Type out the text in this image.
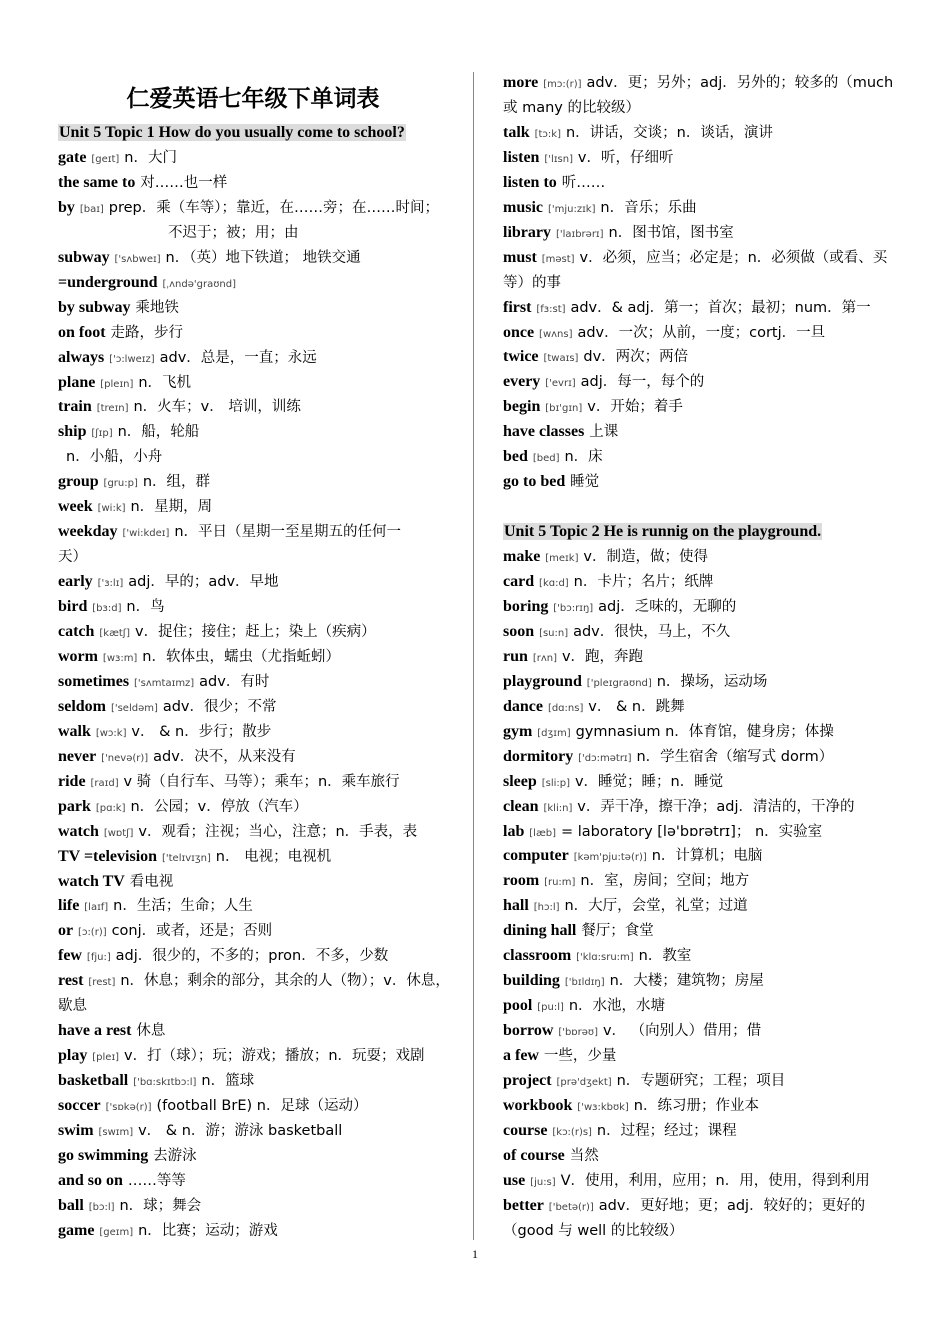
仁爱英语七年级下单词表
Unit 5 Topic 1 How do you usually come to school?
gate [geɪt] n．大门
the same to 对……也一样
by [baɪ] prep．乘（车等）；靠近，在……旁；在……时间；
不迟于；被；用；由
subway ['sʌbweɪ] n．（英）地下铁道； 地铁交通
=underground [ˌʌndə'graʊnd]
by subway 乘地铁
on foot 走路，步行
always ['ɔ:lweɪz] adv．总是，一直；永远
plane [pleɪn] n．飞机
train [treɪn] n．火车；v． 培训，训练
ship [ʃɪp] n．船，轮船
n．小船，小舟
group [gru:p] n．组，群
week [wi:k] n．星期，周
weekday ['wi:kdeɪ] n．平日（星期一至星期五的任何一
天）
early ['з:lɪ] adj．早的；adv．早地
bird [bз:d] n．鸟
catch [kætʃ] v．捉住；接住；赶上；染上（疾病）
worm [wз:m] n．软体虫，蠕虫（尤指蚯蚓）
sometimes ['sʌmtaɪmz] adv．有时
seldom ['seldəm] adv．很少；不常
walk [wɔ:k] v． & n．步行；散步
never ['nevə(r)] adv．决不，从来没有
ride [raɪd] v 骑（自行车、马等）；乘车；n．乘车旅行
park [pɑ:k] n．公园；v．停放（汽车）
watch [wɒtʃ] v．观看；注视；当心，注意；n．手表，表
TV =television ['telɪvɪʒn] n． 电视；电视机
watch TV 看电视
life [laɪf] n．生活；生命；人生
or [ɔ:(r)] conj．或者，还是；否则
few [fju:] adj．很少的，不多的；pron．不多，少数
rest [rest] n．休息；剩余的部分，其余的人（物）；v．休息，
歇息
have a rest 休息
play [pleɪ] v．打（球）；玩；游戏；播放；n．玩耍；戏剧
basketball ['bɑ:skɪtbɔ:l] n．篮球
soccer ['sɒkə(r)] (football BrE) n．足球（运动）
swim [swɪm] v． & n．游；游泳 basketball
go swimming 去游泳
and so on ……等等
ball [bɔ:l] n．球；舞会
game [geɪm] n．比赛；运动；游戏
more [mɔ:(r)] adv．更；另外；adj．另外的；较多的（much
或 many 的比较级）
talk [tɔ:k] n．讲话，交谈；n．谈话，演讲
listen ['lɪsn] v．听，仔细听
listen to 听……
music ['mju:zɪk] n．音乐；乐曲
library ['laɪbrərɪ] n．图书馆，图书室
must [məst] v．必须，应当；必定是；n．必须做（或看、买
等）的事
first [fз:st] adv．& adj．第一；首次；最初；num．第一
once [wʌns] adv．一次；从前，一度；cortj．一旦
twice [twaɪs] dv．两次；两倍
every ['evrɪ] adj．每一，每个的
begin [bɪ'gɪn] v．开始；着手
have classes 上课
bed [bed] n．床
go to bed 睡觉
Unit 5 Topic 2 He is runnig on the playground.
make [meɪk] v．制造，做；使得
card [kɑ:d] n．卡片；名片；纸牌
boring ['bɔ:rɪŋ] adj．乏味的，无聊的
soon [su:n] adv．很快，马上，不久
run [rʌn] v．跑，奔跑
playground ['pleɪgraʊnd] n．操场，运动场
dance [dɑ:ns] v． & n．跳舞
gym [dʒɪm] gymnasium n．体育馆，健身房；体操
dormitory ['dɔ:mətrɪ] n．学生宿舍（缩写式 dorm）
sleep [sli:p] v．睡觉；睡；n．睡觉
clean [kli:n] v．弄干净，擦干净；adj．清洁的，干净的
lab [læb] = laboratory [lə'bɒrətrɪ]； n．实验室
computer [kəm'pju:tə(r)] n．计算机；电脑
room [ru:m] n．室，房间；空间；地方
hall [hɔ:l] n．大厅，会堂，礼堂；过道
dining hall 餐厅；食堂
classroom ['klɑ:sru:m] n．教室
building ['bɪldɪŋ] n．大楼；建筑物；房屋
pool [pu:l] n．水池，水塘
borrow ['bɒrəʊ] v． （向别人）借用；借
a few 一些，少量
project [prə'dʒekt] n．专题研究；工程；项目
workbook ['wз:kbʊk] n．练习册；作业本
course [kɔ:(r)s] n．过程；经过；课程
of course 当然
use [ju:s] V．使用，利用，应用；n．用，使用，得到利用
better ['betə(r)] adv．更好地；更；adj．较好的；更好的
（good 与 well 的比较级）
1
